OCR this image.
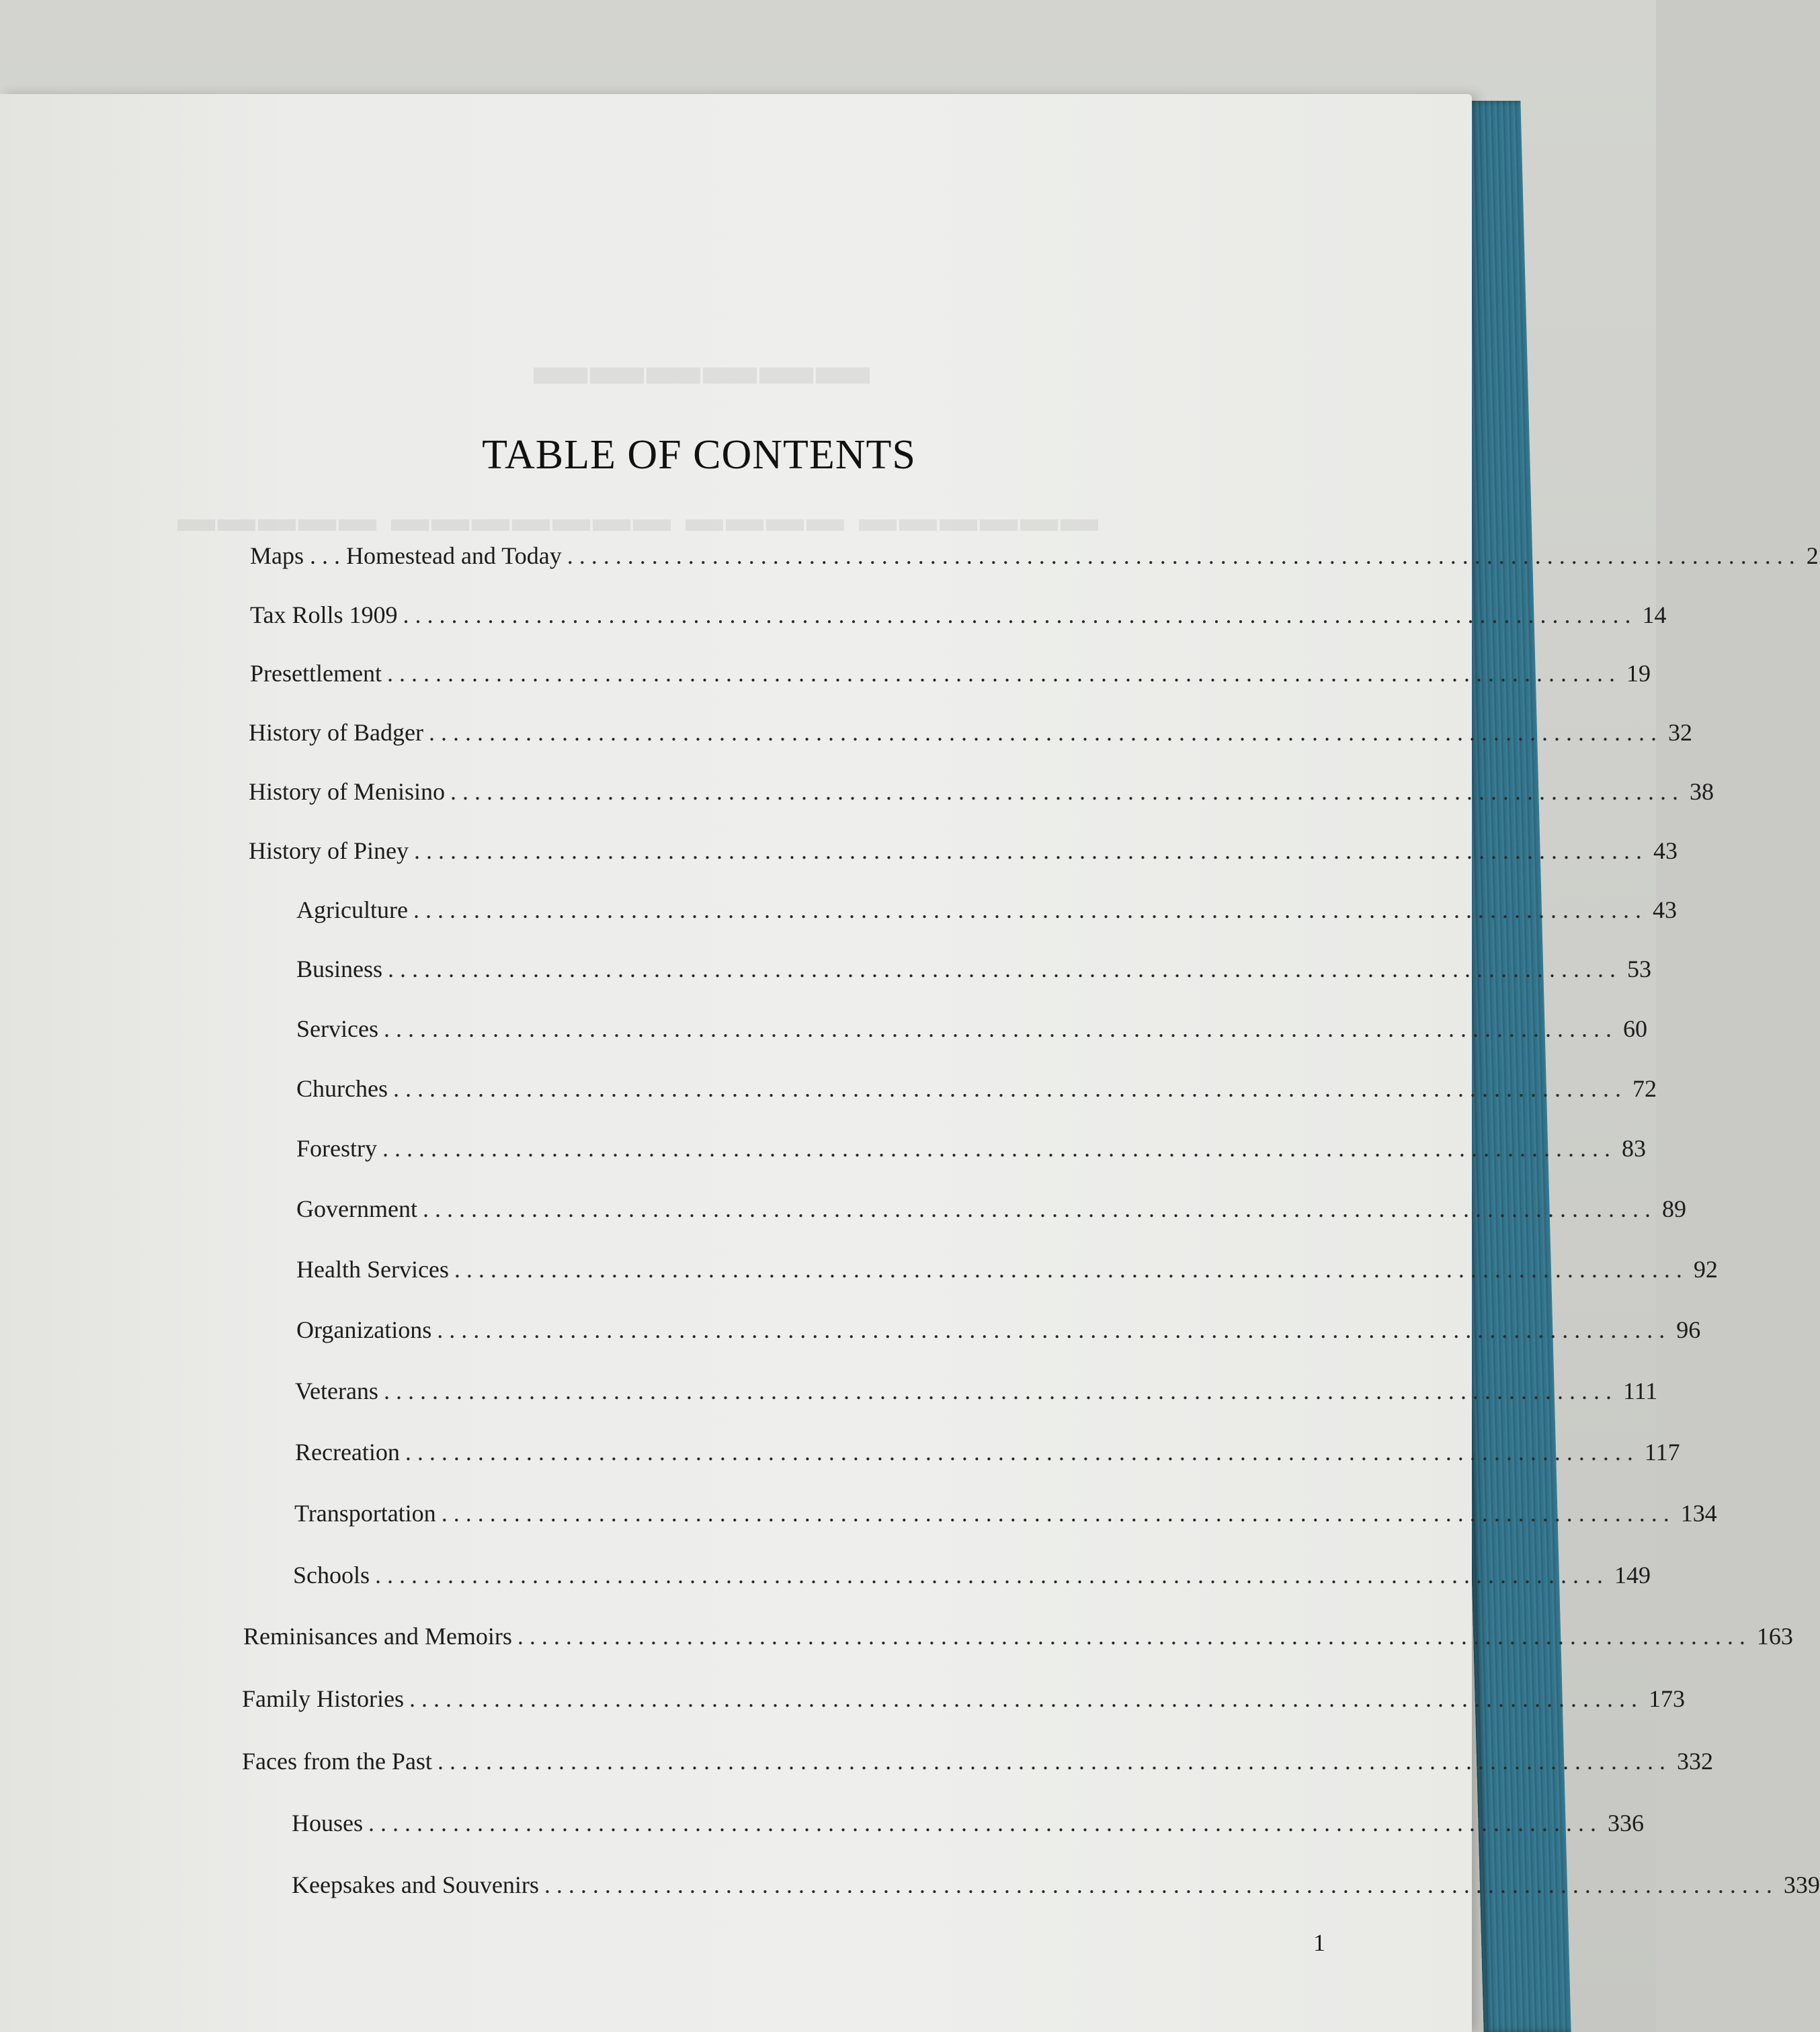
▬▬▬▬▬▬
▬▬▬▬▬▬ ▬▬▬▬ ▬▬▬▬▬▬▬ ▬▬▬▬▬
TABLE OF CONTENTS
Maps . . . Homestead and Today ...................................................................................................... 2
Tax Rolls 1909 ...................................................................................................... 14
Presettlement ...................................................................................................... 19
History of Badger ...................................................................................................... 32
History of Menisino ...................................................................................................... 38
History of Piney ...................................................................................................... 43
Agriculture ...................................................................................................... 43
Business ...................................................................................................... 53
Services ...................................................................................................... 60
Churches ...................................................................................................... 72
Forestry ...................................................................................................... 83
Government ...................................................................................................... 89
Health Services ...................................................................................................... 92
Organizations ...................................................................................................... 96
Veterans ...................................................................................................... 111
Recreation ...................................................................................................... 117
Transportation ...................................................................................................... 134
Schools ...................................................................................................... 149
Reminisances and Memoirs ...................................................................................................... 163
Family Histories ...................................................................................................... 173
Faces from the Past ...................................................................................................... 332
Houses ...................................................................................................... 336
Keepsakes and Souvenirs ...................................................................................................... 339
1
